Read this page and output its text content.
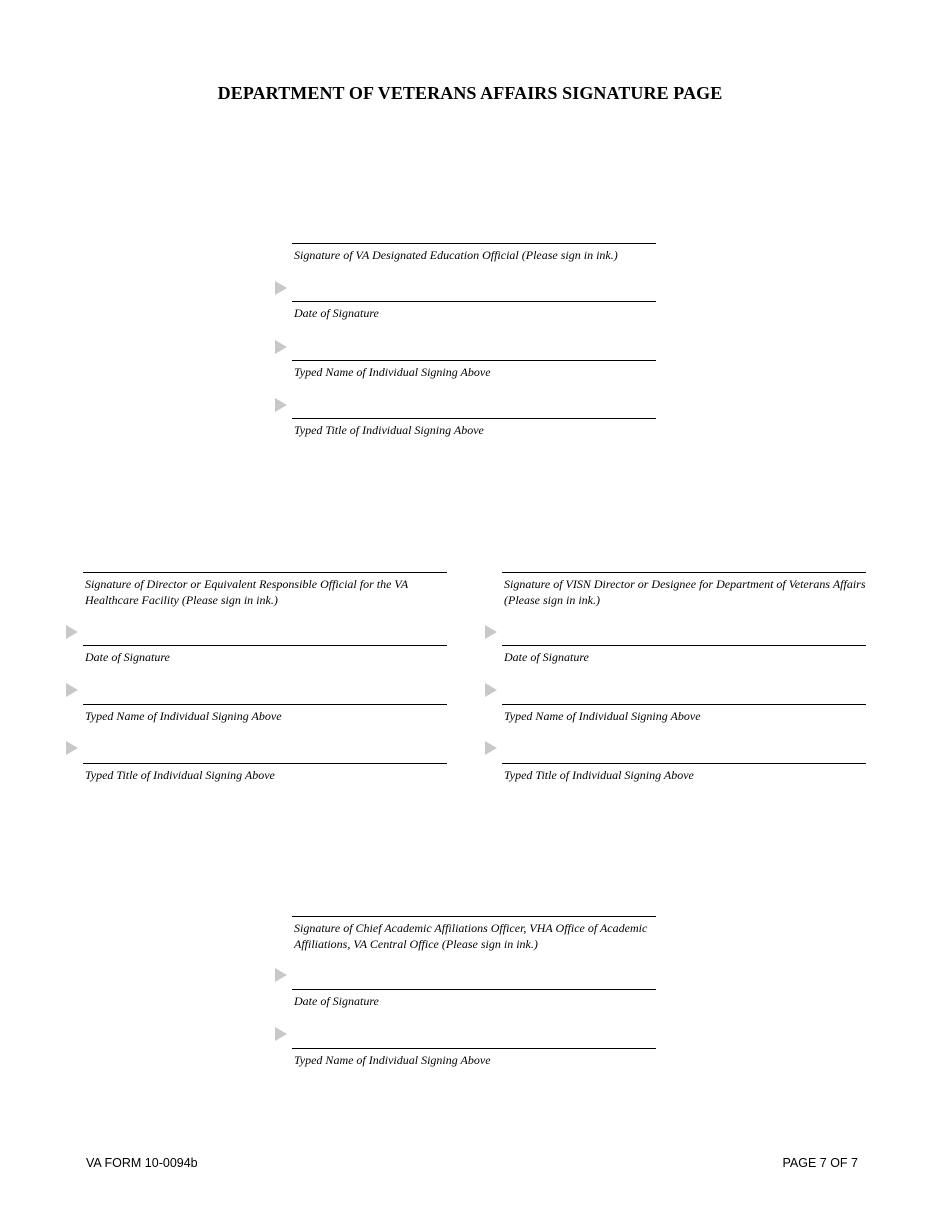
DEPARTMENT OF VETERANS AFFAIRS SIGNATURE PAGE
Signature of VA Designated Education Official (Please sign in ink.)
Date of Signature
Typed Name of Individual Signing Above
Typed Title of Individual Signing Above
Signature of Director or Equivalent Responsible Official for the VA Healthcare Facility (Please sign in ink.)
Date of Signature
Typed Name of Individual Signing Above
Typed Title of Individual Signing Above
Signature of VISN Director or Designee for Department of Veterans Affairs (Please sign in ink.)
Date of Signature
Typed Name of Individual Signing Above
Typed Title of Individual Signing Above
Signature of Chief Academic Affiliations Officer, VHA Office of Academic Affiliations, VA Central Office (Please sign in ink.)
Date of Signature
Typed Name of Individual Signing Above
VA FORM 10-0094b	PAGE 7 OF 7
